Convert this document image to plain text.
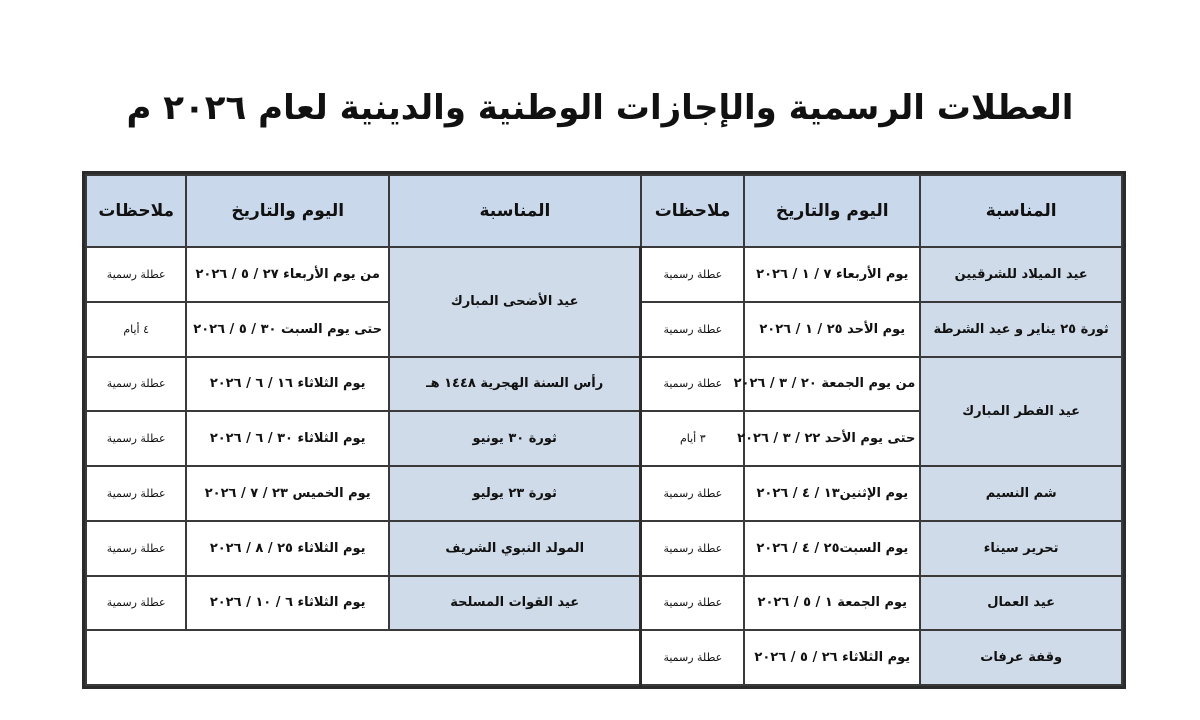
العطلات الرسمية والإجازات الوطنية والدينية لعام ٢٠٢٦ م
المناسبة	اليوم والتاريخ	ملاحظات	المناسبة	اليوم والتاريخ	ملاحظات
عيد الميلاد للشرقيين	يوم الأربعاء ٧ / ١ / ٢٠٢٦	عطلة رسمية	عيد الأضحى المبارك	من يوم الأربعاء ٢٧ / ٥ / ٢٠٢٦	عطلة رسمية
ثورة ٢٥ يناير و عيد الشرطة	يوم الأحد ٢٥ / ١ / ٢٠٢٦	عطلة رسمية		حتى يوم السبت ٣٠ / ٥ / ٢٠٢٦	٤ أيام
عيد الفطر المبارك	من يوم الجمعة ٢٠ / ٣ / ٢٠٢٦	عطلة رسمية	رأس السنة الهجرية ١٤٤٨ هـ	يوم الثلاثاء ١٦ / ٦ / ٢٠٢٦	عطلة رسمية
	حتى يوم الأحد ٢٢ / ٣ / ٢٠٢٦	٣ أيام	ثورة ٣٠ يونيو	يوم الثلاثاء ٣٠ / ٦ / ٢٠٢٦	عطلة رسمية
شم النسيم	يوم الإثنين١٣ / ٤ / ٢٠٢٦	عطلة رسمية	ثورة ٢٣ يوليو	يوم الخميس ٢٣ / ٧ / ٢٠٢٦	عطلة رسمية
تحرير سيناء	يوم السبت٢٥ / ٤ / ٢٠٢٦	عطلة رسمية	المولد النبوي الشريف	يوم الثلاثاء ٢٥ / ٨ / ٢٠٢٦	عطلة رسمية
عيد العمال	يوم الجمعة ١ / ٥ / ٢٠٢٦	عطلة رسمية	عيد القوات المسلحة	يوم الثلاثاء ٦ / ١٠ / ٢٠٢٦	عطلة رسمية
وقفة عرفات	يوم الثلاثاء ٢٦ / ٥ / ٢٠٢٦	عطلة رسمية			
